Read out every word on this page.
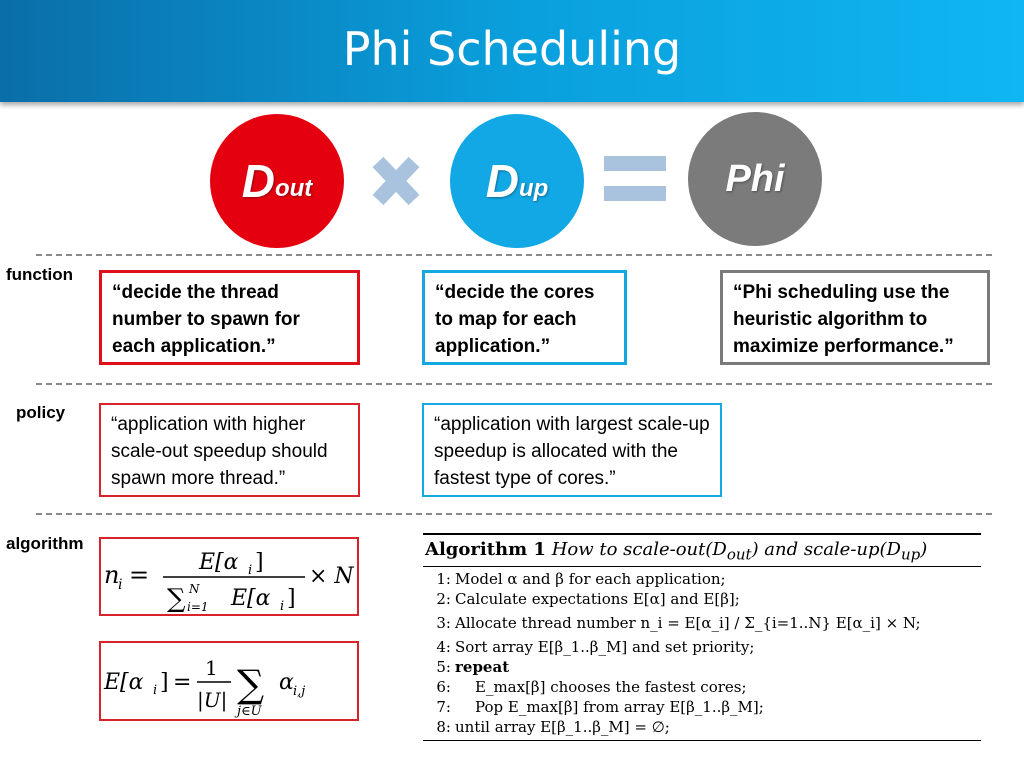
Phi Scheduling
D out	D up	Phi
function
policy
algorithm
“decide the thread number to spawn for each application.”
“decide the cores to map for each application.”
“Phi scheduling use the heuristic algorithm to maximize performance.”
“application with higher scale-out speedup should spawn more thread.”
“application with largest scale-up speedup is allocated with the fastest type of cores.”
n
i = E[α i ]
∑ N
i=1 E[α i ]
× N
E[α i ] =
1
|U| ∑
j∈U
α i,j
Algorithm 1 How to scale-$out(D_{out})$ and scale-$up(D_{up})$
1: Model α and β for each application;
2: Calculate expectations E[α] and E[β];
3: Allocate thread number n_i = E[α_i] / Σ_{i=1..N} E[α_i] × N;
4: Sort array E[β_1..β_M] and set priority;
5: repeat
6: E_max[β] chooses the fastest cores;
7: Pop E_max[β] from array E[β_1..β_M];
8: until array E[β_1..β_M] = ∅;
